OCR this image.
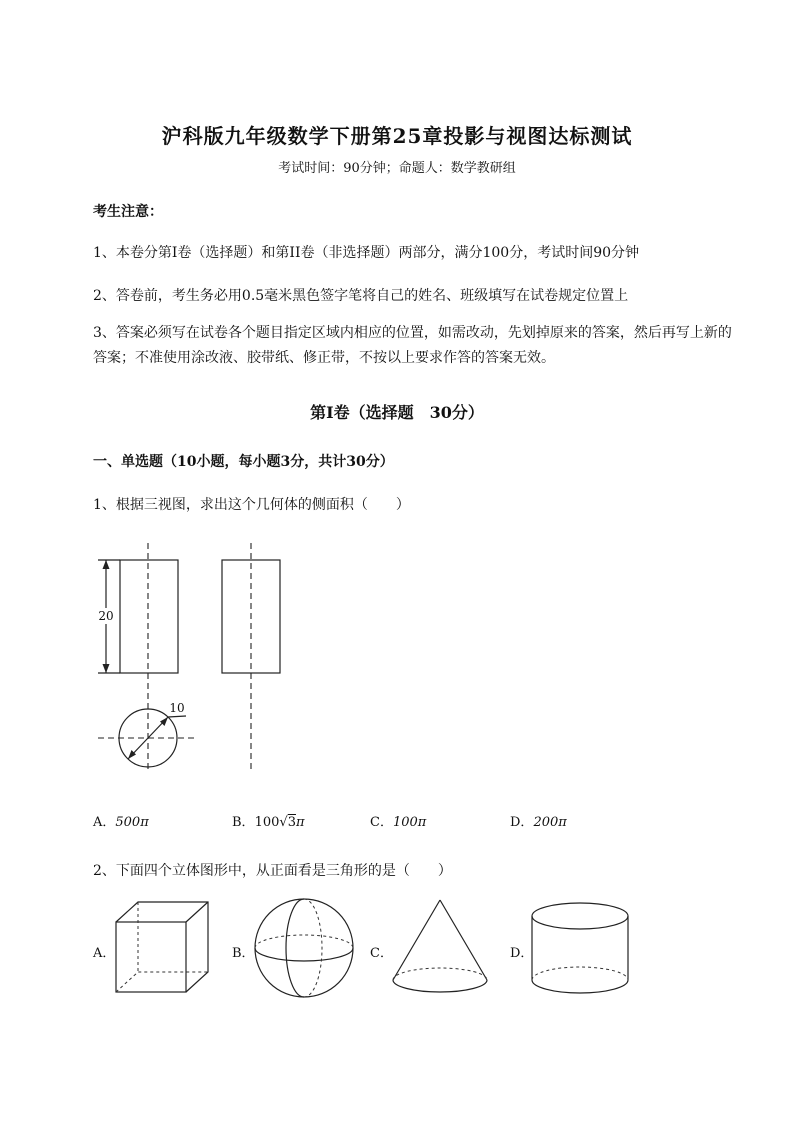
沪科版九年级数学下册第25章投影与视图达标测试
考试时间：90分钟；命题人：数学教研组
考生注意：
1、本卷分第I卷（选择题）和第II卷（非选择题）两部分，满分100分，考试时间90分钟
2、答卷前，考生务必用0.5毫米黑色签字笔将自己的姓名、班级填写在试卷规定位置上
3、答案必须写在试卷各个题目指定区域内相应的位置，如需改动，先划掉原来的答案，然后再写上新的答案；不准使用涂改液、胶带纸、修正带，不按以上要求作答的答案无效。
第I卷（选择题　30分）
一、单选题（10小题，每小题3分，共计30分）
1、根据三视图，求出这个几何体的侧面积（　　）
20
10
A．500π	B．100√3π	C．100π	D．200π
2、下面四个立体图形中，从正面看是三角形的是（　　）
A．	B．	C．	D．
